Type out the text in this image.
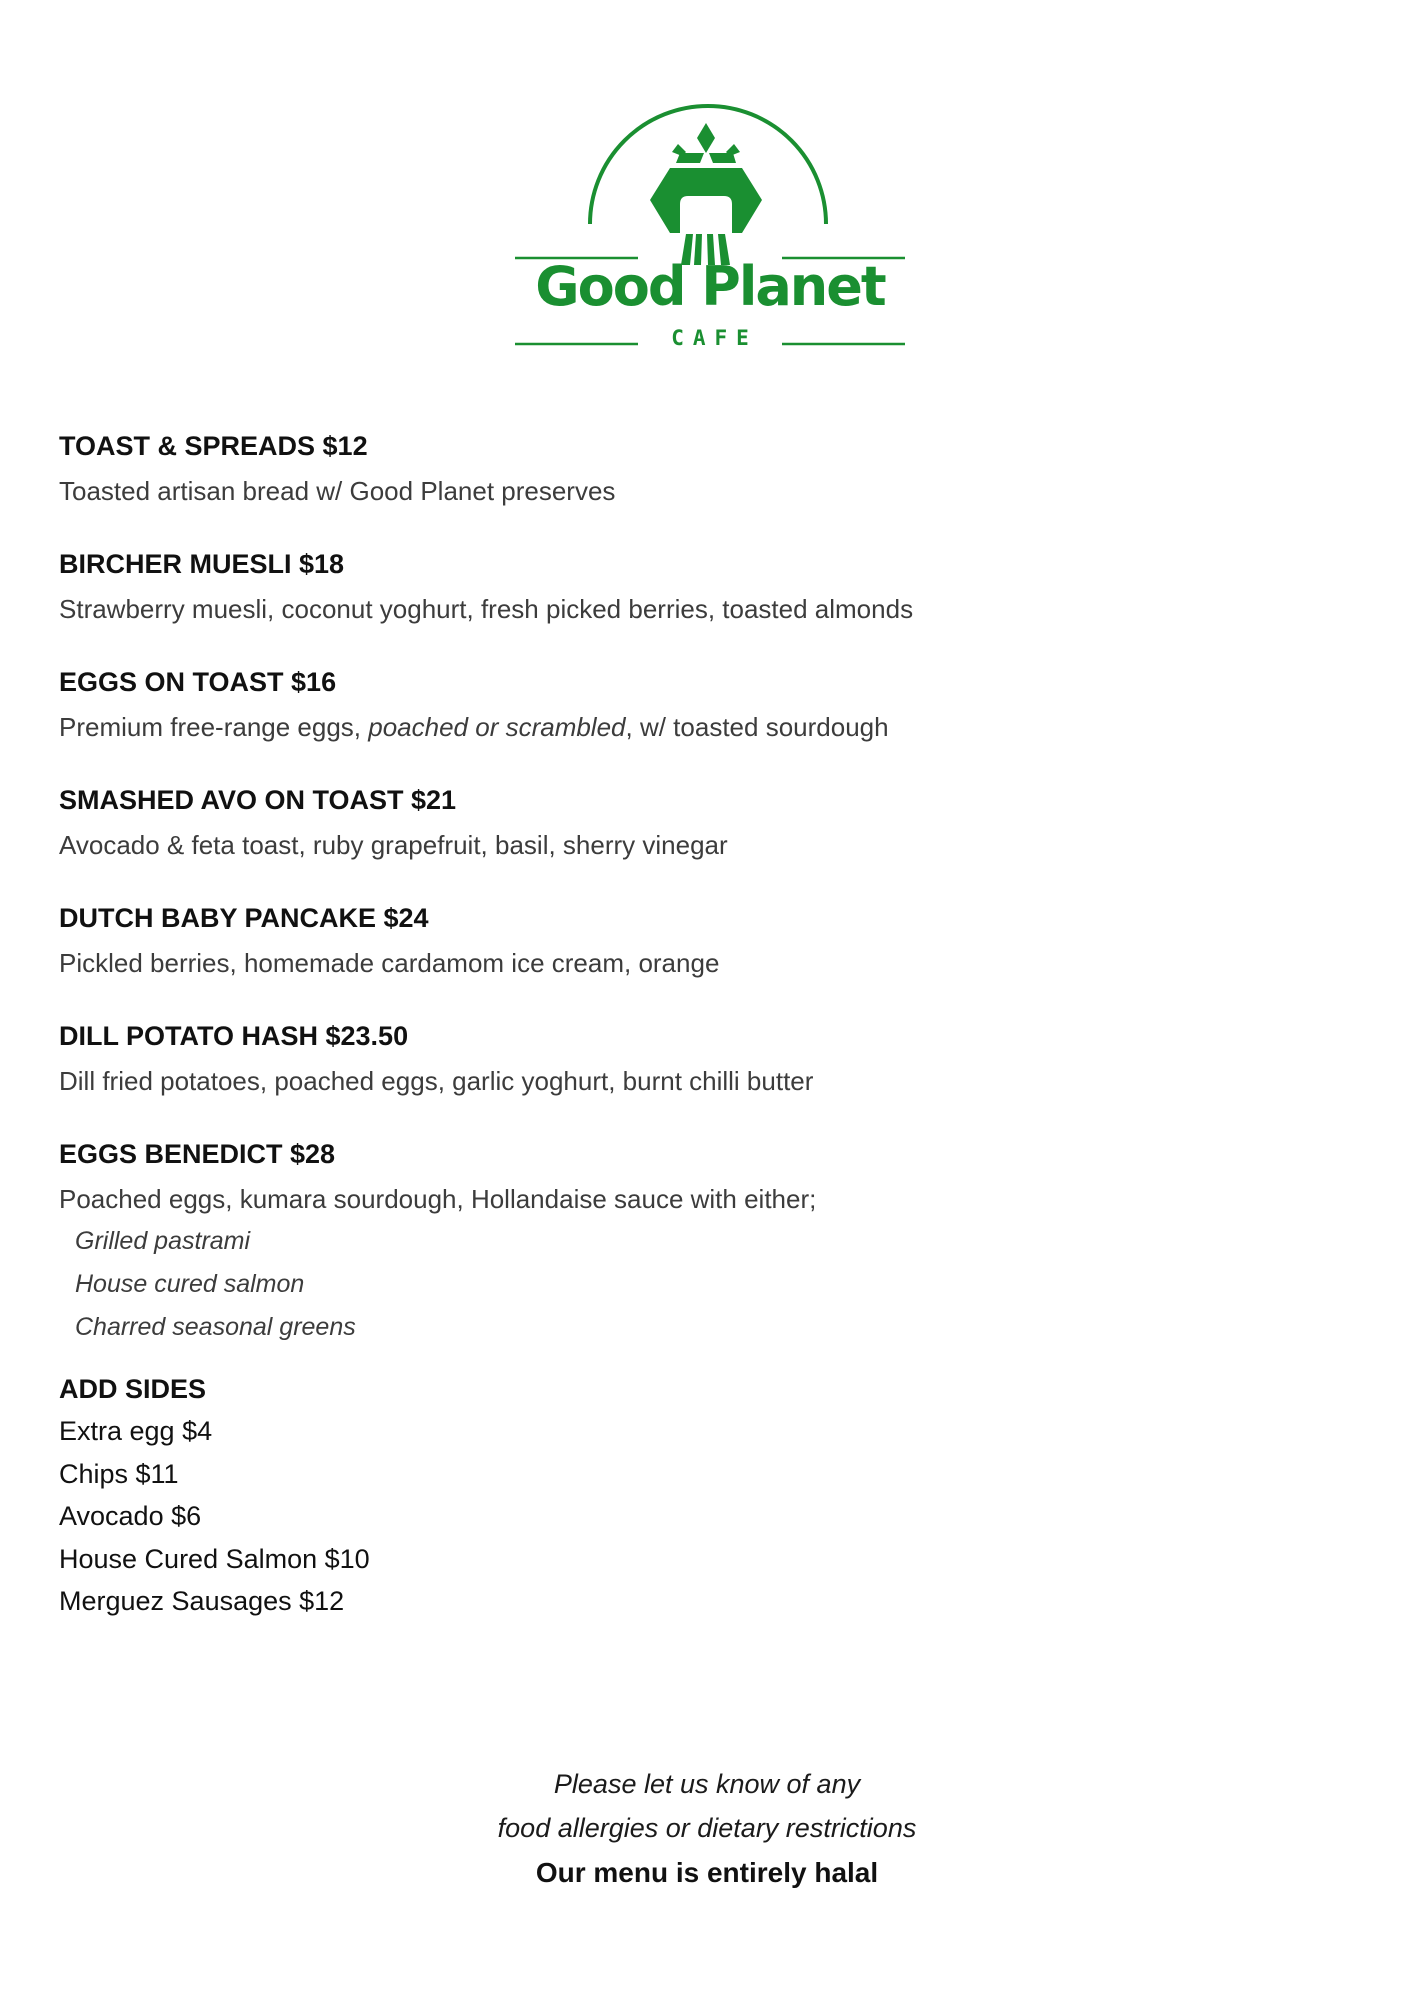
Good Planet
CAFE
TOAST & SPREADS $12
Toasted artisan bread w/ Good Planet preserves
BIRCHER MUESLI $18
Strawberry muesli, coconut yoghurt, fresh picked berries, toasted almonds
EGGS ON TOAST $16
Premium free-range eggs, poached or scrambled, w/ toasted sourdough
SMASHED AVO ON TOAST $21
Avocado & feta toast, ruby grapefruit, basil, sherry vinegar
DUTCH BABY PANCAKE $24
Pickled berries, homemade cardamom ice cream, orange
DILL POTATO HASH $23.50
Dill fried potatoes, poached eggs, garlic yoghurt, burnt chilli butter
EGGS BENEDICT $28
Poached eggs, kumara sourdough, Hollandaise sauce with either;
Grilled pastrami
House cured salmon
Charred seasonal greens
ADD SIDES
Extra egg $4
Chips $11
Avocado $6
House Cured Salmon $10
Merguez Sausages $12
Please let us know of any
food allergies or dietary restrictions
Our menu is entirely halal
